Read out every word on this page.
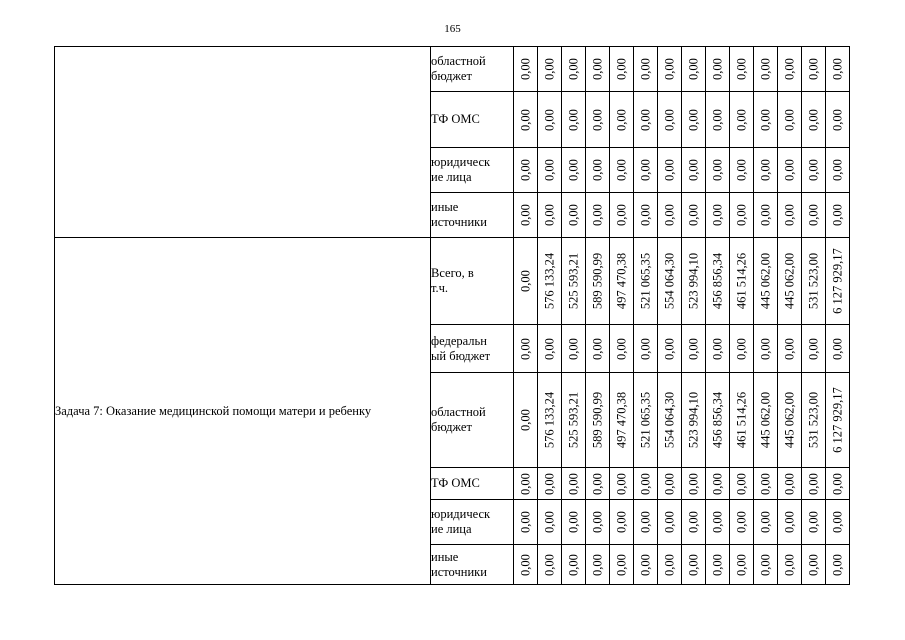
165
	областной
бюджет	0,00	0,00	0,00	0,00	0,00	0,00	0,00	0,00	0,00	0,00	0,00	0,00	0,00	0,00

	ТФ ОМС	0,00	0,00	0,00	0,00	0,00	0,00	0,00	0,00	0,00	0,00	0,00	0,00	0,00	0,00

	юридическ
ие лица	0,00	0,00	0,00	0,00	0,00	0,00	0,00	0,00	0,00	0,00	0,00	0,00	0,00	0,00

	иные
источники	0,00	0,00	0,00	0,00	0,00	0,00	0,00	0,00	0,00	0,00	0,00	0,00	0,00	0,00

Задача 7: Оказание медицинской помощи матери и ребенку	Всего, в
т.ч.	0,00	576 133,24	525 593,21	589 590,99	497 470,38	521 065,35	554 064,30	523 994,10	456 856,34	461 514,26	445 062,00	445 062,00	531 523,00	6 127 929,17

	федеральн
ый бюджет	0,00	0,00	0,00	0,00	0,00	0,00	0,00	0,00	0,00	0,00	0,00	0,00	0,00	0,00

	областной
бюджет	0,00	576 133,24	525 593,21	589 590,99	497 470,38	521 065,35	554 064,30	523 994,10	456 856,34	461 514,26	445 062,00	445 062,00	531 523,00	6 127 929,17

	ТФ ОМС	0,00	0,00	0,00	0,00	0,00	0,00	0,00	0,00	0,00	0,00	0,00	0,00	0,00	0,00

	юридическ
ие лица	0,00	0,00	0,00	0,00	0,00	0,00	0,00	0,00	0,00	0,00	0,00	0,00	0,00	0,00

	иные
источники	0,00	0,00	0,00	0,00	0,00	0,00	0,00	0,00	0,00	0,00	0,00	0,00	0,00	0,00
